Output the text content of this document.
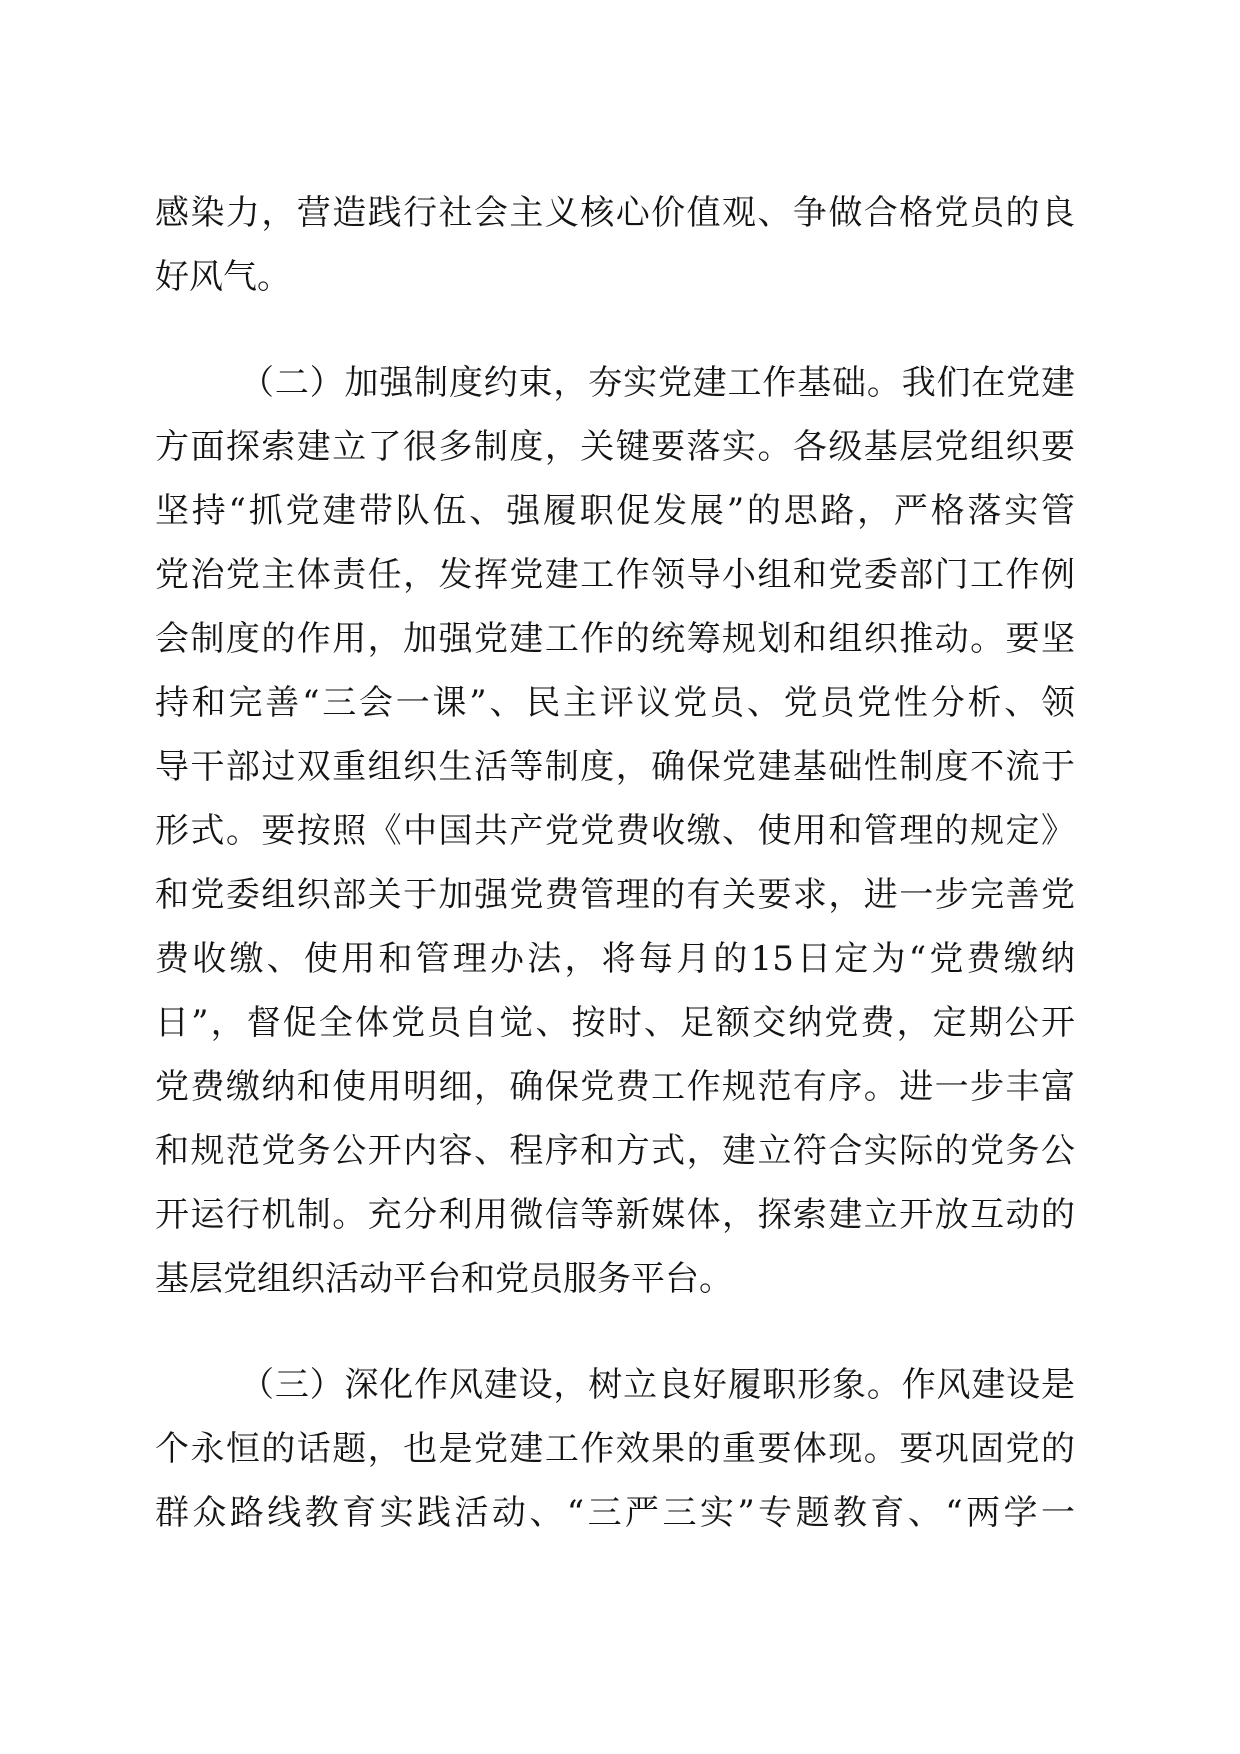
感染力，营造践行社会主义核心价值观、争做合格党员的良
好风气。
（二）加强制度约束，夯实党建工作基础。我们在党建
方面探索建立了很多制度，关键要落实。各级基层党组织要
坚持“抓党建带队伍、强履职促发展”的思路，严格落实管
党治党主体责任，发挥党建工作领导小组和党委部门工作例
会制度的作用，加强党建工作的统筹规划和组织推动。要坚
持和完善“三会一课”、民主评议党员、党员党性分析、领
导干部过双重组织生活等制度，确保党建基础性制度不流于
形式。要按照《中国共产党党费收缴、使用和管理的规定》
和党委组织部关于加强党费管理的有关要求，进一步完善党
费收缴、使用和管理办法，将每月的15日定为“党费缴纳
日”，督促全体党员自觉、按时、足额交纳党费，定期公开
党费缴纳和使用明细，确保党费工作规范有序。进一步丰富
和规范党务公开内容、程序和方式，建立符合实际的党务公
开运行机制。充分利用微信等新媒体，探索建立开放互动的
基层党组织活动平台和党员服务平台。
（三）深化作风建设，树立良好履职形象。作风建设是
个永恒的话题，也是党建工作效果的重要体现。要巩固党的
群众路线教育实践活动、“三严三实”专题教育、“两学一
